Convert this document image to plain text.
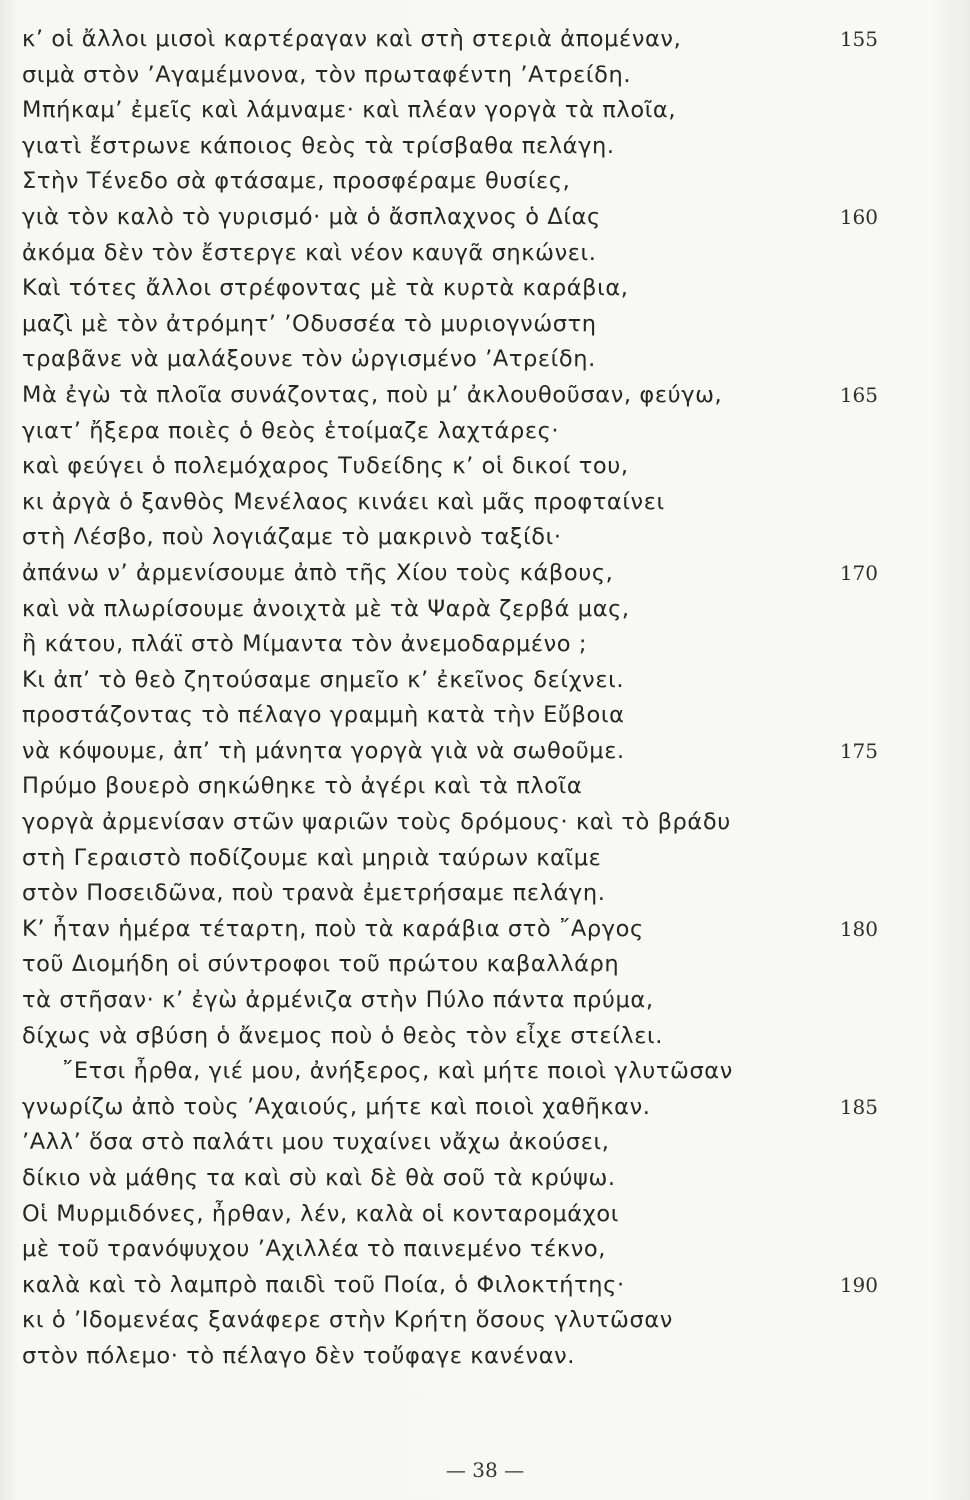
κ’ οἱ ἄλλοι μισοὶ καρτέραγαν καὶ στὴ στεριὰ ἀπομέναν,	155
σιμὰ στὸν ’Αγαμέμνονα, τὸν πρωταφέντη ’Ατρείδη.
Μπήκαμ’ ἐμεῖς καὶ λάμναμε· καὶ πλέαν γοργὰ τὰ πλοῖα,
γιατὶ ἔστρωνε κάποιος θεὸς τὰ τρίσβαθα πελάγη.
Στὴν Τένεδο σὰ φτάσαμε, προσφέραμε θυσίες,
γιὰ τὸν καλὸ τὸ γυρισμό· μὰ ὁ ἄσπλαχνος ὁ Δίας	160
ἀκόμα δὲν τὸν ἔστεργε καὶ νέον καυγᾶ σηκώνει.
Καὶ τότες ἄλλοι στρέφοντας μὲ τὰ κυρτὰ καράβια,
μαζὶ μὲ τὸν ἀτρόμητ’ ’Οδυσσέα τὸ μυριογνώστη
τραβᾶνε νὰ μαλάξουνε τὸν ὠργισμένο ’Ατρείδη.
Μὰ ἐγὼ τὰ πλοῖα συνάζοντας, ποὺ μ’ ἀκλουθοῦσαν, φεύγω,	165
γιατ’ ἤξερα ποιὲς ὁ θεὸς ἑτοίμαζε λαχτάρες·
καὶ φεύγει ὁ πολεμόχαρος Τυδείδης κ’ οἱ δικοί του,
κι ἀργὰ ὁ ξανθὸς Μενέλαος κινάει καὶ μᾶς προφταίνει
στὴ Λέσβο, ποὺ λογιάζαμε τὸ μακρινὸ ταξίδι·
ἀπάνω ν’ ἀρμενίσουμε ἀπὸ τῆς Χίου τοὺς κάβους,	170
καὶ νὰ πλωρίσουμε ἀνοιχτὰ μὲ τὰ Ψαρὰ ζερβά μας,
ἢ κάτου, πλάϊ στὸ Μίμαντα τὸν ἀνεμοδαρμένο ;
Κι ἀπ’ τὸ θεὸ ζητούσαμε σημεῖο κ’ ἐκεῖνος δείχνει.
προστάζοντας τὸ πέλαγο γραμμὴ κατὰ τὴν Εὔβοια
νὰ κόψουμε, ἀπ’ τὴ μάνητα γοργὰ γιὰ νὰ σωθοῦμε.	175
Πρύμο βουερὸ σηκώθηκε τὸ ἀγέρι καὶ τὰ πλοῖα
γοργὰ ἀρμενίσαν στῶν ψαριῶν τοὺς δρόμους· καὶ τὸ βράδυ
στὴ Γεραιστὸ ποδίζουμε καὶ μηριὰ ταύρων καῖμε
στὸν Ποσειδῶνα, ποὺ τρανὰ ἐμετρήσαμε πελάγη.
Κ’ ἦταν ἡμέρα τέταρτη, ποὺ τὰ καράβια στὸ ῎Αργος	180
τοῦ Διομήδη οἱ σύντροφοι τοῦ πρώτου καβαλλάρη
τὰ στῆσαν· κ’ ἐγὼ ἀρμένιζα στὴν Πύλο πάντα πρύμα,
δίχως νὰ σβύση ὁ ἄνεμος ποὺ ὁ θεὸς τὸν εἶχε στείλει.
῎Ετσι ἦρθα, γιέ μου, ἀνήξερος, καὶ μήτε ποιοὶ γλυτῶσαν
γνωρίζω ἀπὸ τοὺς ’Αχαιούς, μήτε καὶ ποιοὶ χαθῆκαν.	185
’Αλλ’ ὅσα στὸ παλάτι μου τυχαίνει νἄχω ἀκούσει,
δίκιο νὰ μάθης τα καὶ σὺ καὶ δὲ θὰ σοῦ τὰ κρύψω.
Οἱ Μυρμιδόνες, ἦρθαν, λέν, καλὰ οἱ κονταρομάχοι
μὲ τοῦ τρανόψυχου ’Αχιλλέα τὸ παινεμένο τέκνο,
καλὰ καὶ τὸ λαμπρὸ παιδὶ τοῦ Ποία, ὁ Φιλοκτήτης·	190
κι ὁ ’Ιδομενέας ξανάφερε στὴν Κρήτη ὅσους γλυτῶσαν
στὸν πόλεμο· τὸ πέλαγο δὲν τοὔφαγε κανέναν.
— 38 —
